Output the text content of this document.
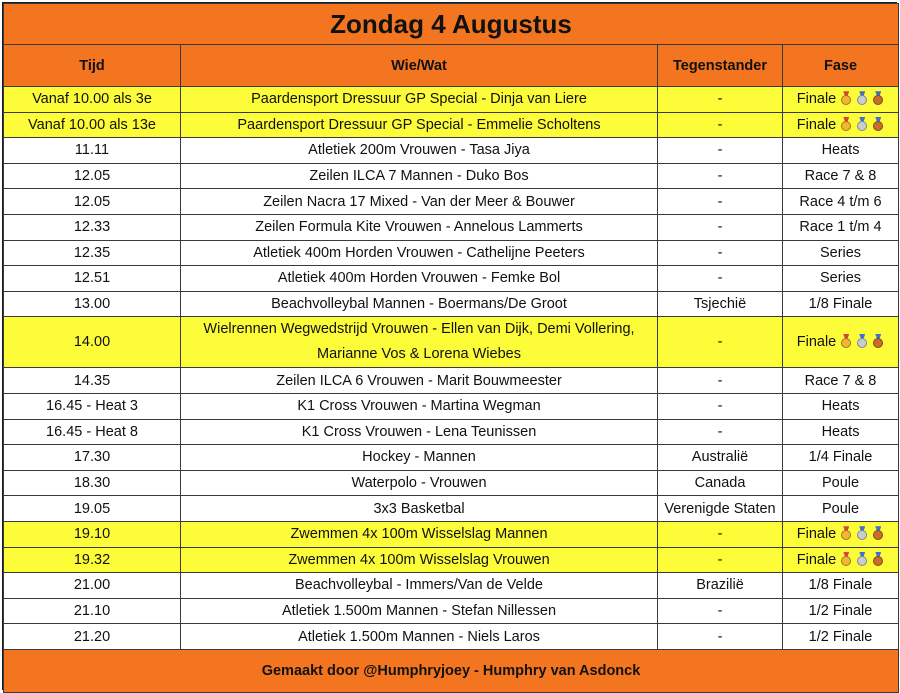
Zondag 4 Augustus			
Tijd	Wie/Wat	Tegenstander	Fase
Vanaf 10.00 als 3e	Paardensport Dressuur GP Special - Dinja van Liere	-	Finale

Vanaf 10.00 als 13e	Paardensport Dressuur GP Special - Emmelie Scholtens	-	Finale

11.11	Atletiek 200m Vrouwen - Tasa Jiya	-	Heats
12.05	Zeilen ILCA 7 Mannen - Duko Bos	-	Race 7 & 8
12.05	Zeilen Nacra 17 Mixed - Van der Meer & Bouwer	-	Race 4 t/m 6
12.33	Zeilen Formula Kite Vrouwen - Annelous Lammerts	-	Race 1 t/m 4
12.35	Atletiek 400m Horden Vrouwen - Cathelijne Peeters	-	Series
12.51	Atletiek 400m Horden Vrouwen - Femke Bol	-	Series
13.00	Beachvolleybal Mannen - Boermans/De Groot	Tsjechië	1/8 Finale
14.00	Wielrennen Wegwedstrijd Vrouwen - Ellen van Dijk, Demi Vollering, Marianne Vos & Lorena Wiebes	-	Finale

14.35	Zeilen ILCA 6 Vrouwen - Marit Bouwmeester	-	Race 7 & 8
16.45 - Heat 3	K1 Cross Vrouwen - Martina Wegman	-	Heats
16.45 - Heat 8	K1 Cross Vrouwen - Lena Teunissen	-	Heats
17.30	Hockey - Mannen	Australië	1/4 Finale
18.30	Waterpolo - Vrouwen	Canada	Poule
19.05	3x3 Basketbal	Verenigde Staten	Poule
19.10	Zwemmen 4x 100m Wisselslag Mannen	-	Finale

19.32	Zwemmen 4x 100m Wisselslag Vrouwen	-	Finale

21.00	Beachvolleybal - Immers/Van de Velde	Brazilië	1/8 Finale
21.10	Atletiek 1.500m Mannen - Stefan Nillessen	-	1/2 Finale
21.20	Atletiek 1.500m Mannen - Niels Laros	-	1/2 Finale
Gemaakt door @Humphryjoey - Humphry van Asdonck			
